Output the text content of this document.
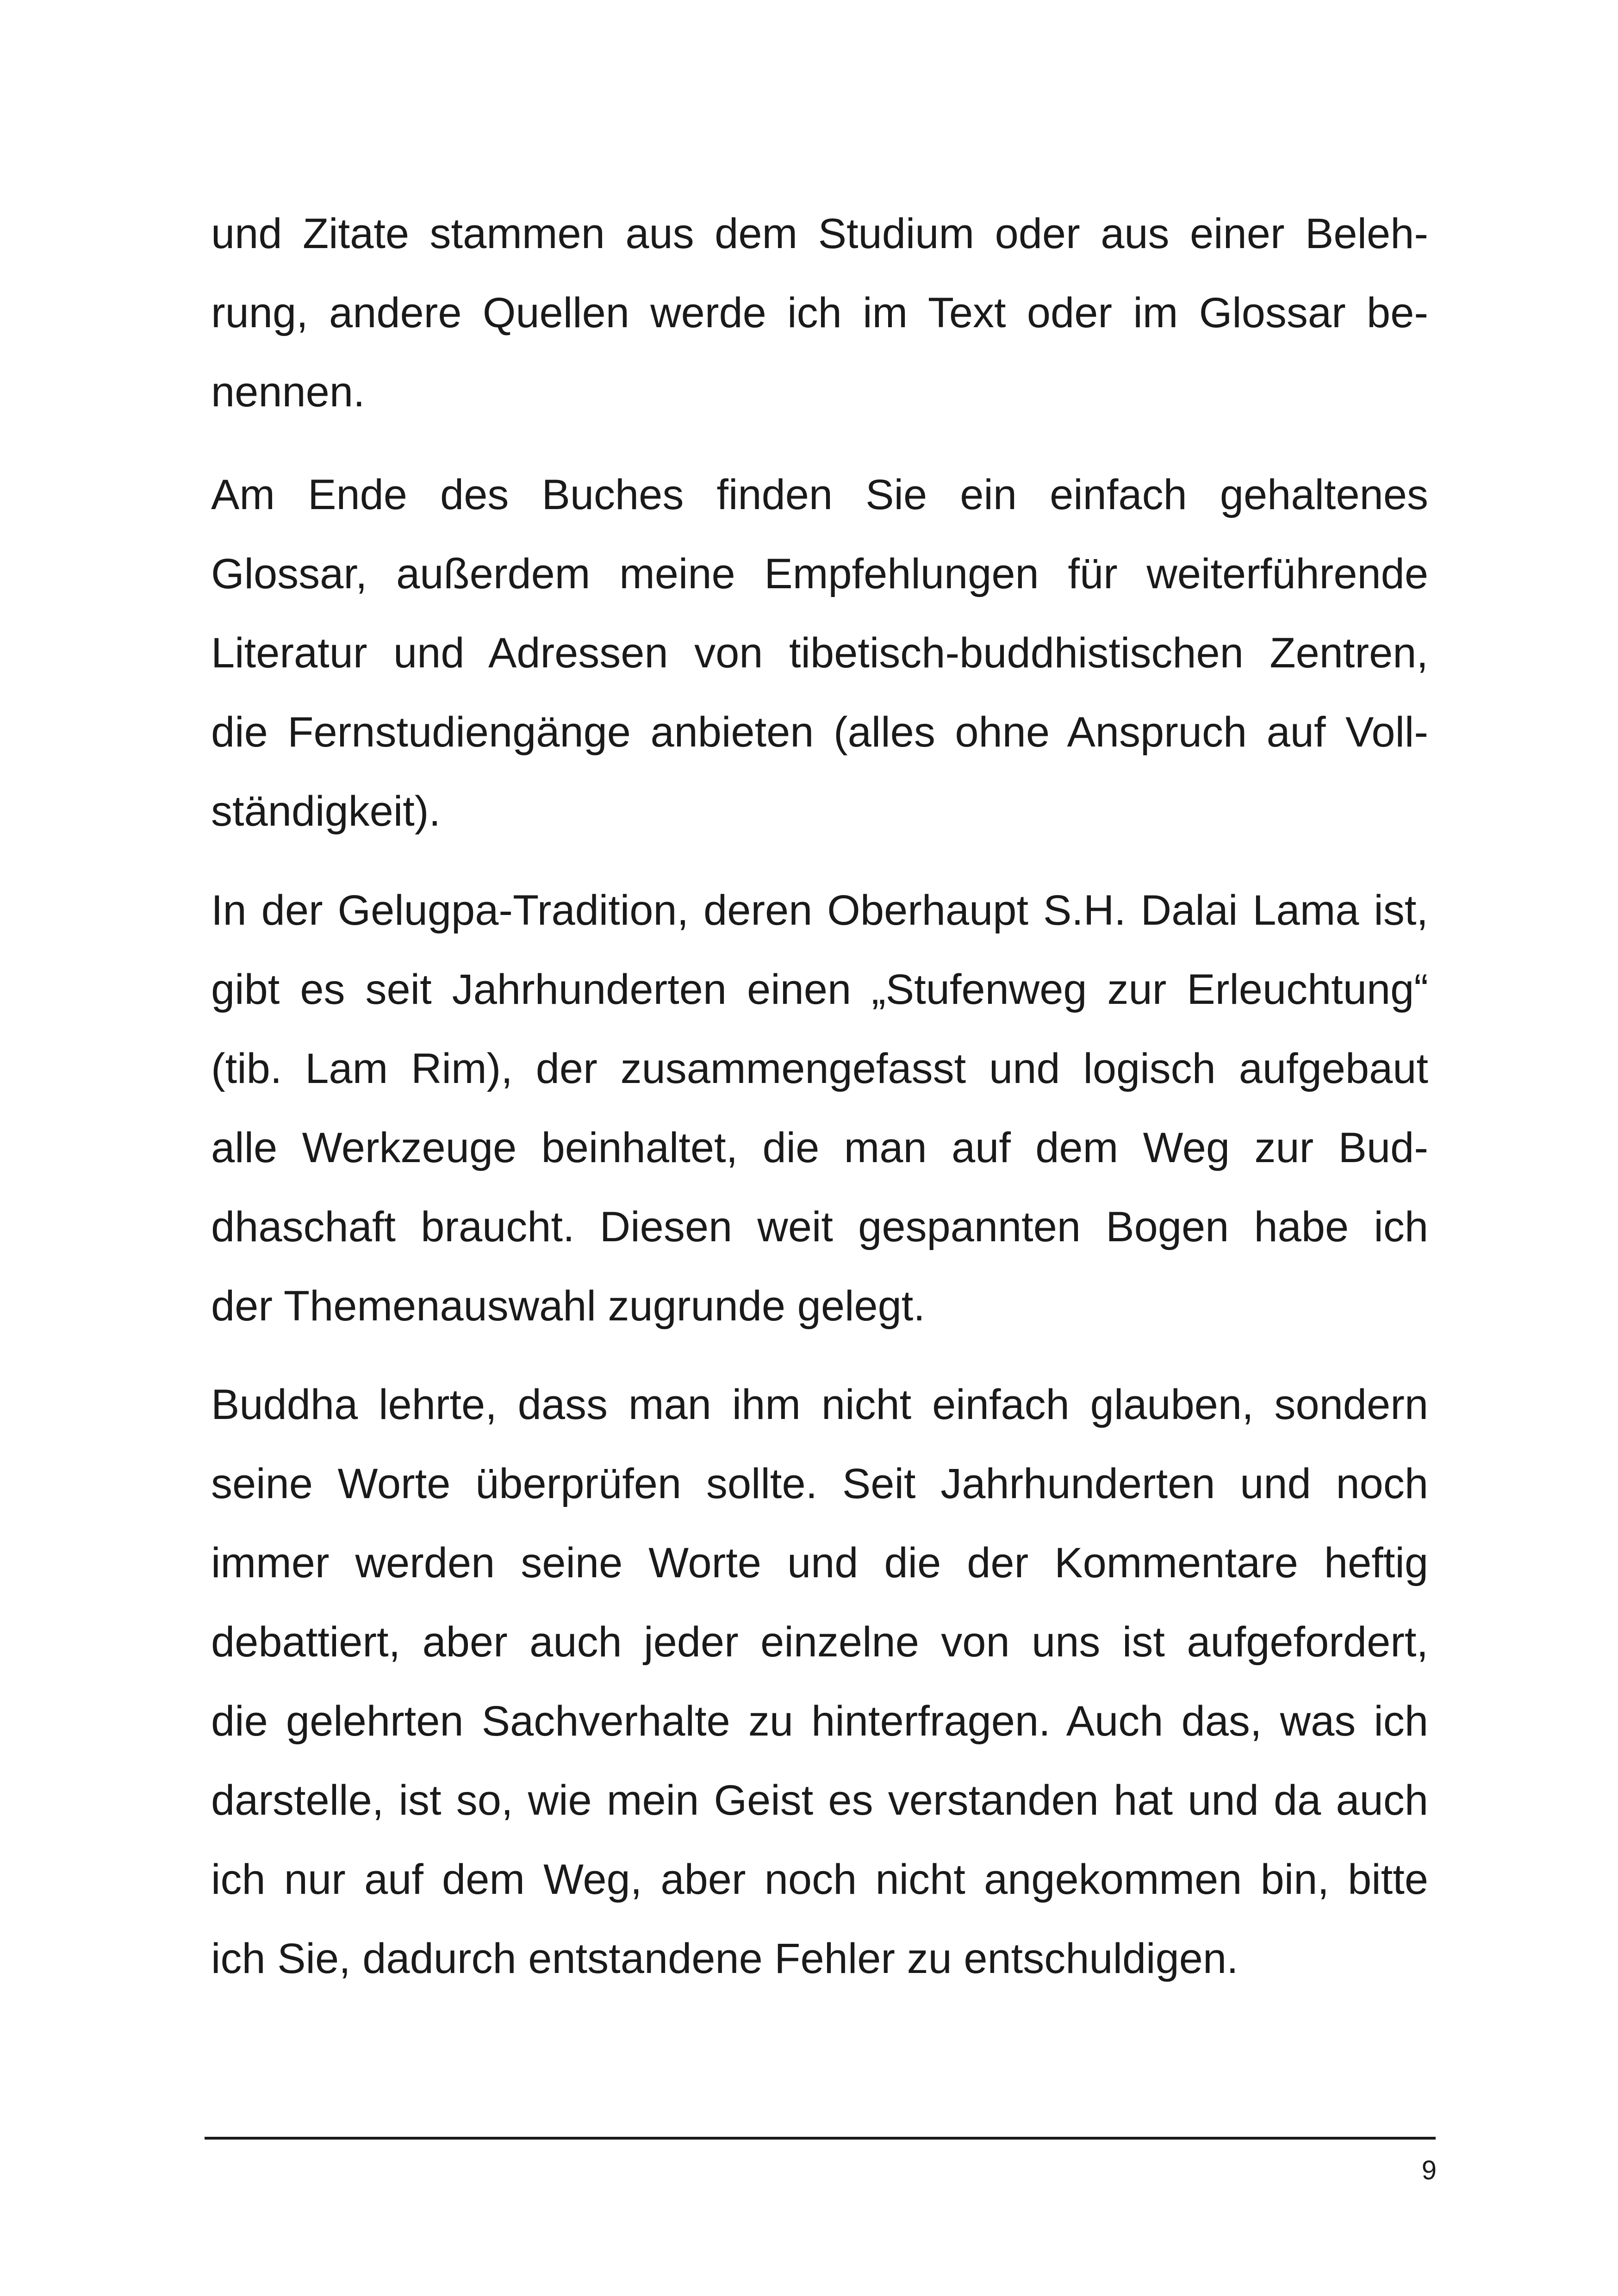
und Zitate stammen aus dem Studium oder aus einer Beleh-
rung, andere Quellen werde ich im Text oder im Glossar be-
nennen.
Am Ende des Buches finden Sie ein einfach gehaltenes
Glossar, außerdem meine Empfehlungen für weiterführende
Literatur und Adressen von tibetisch-buddhistischen Zentren,
die Fernstudiengänge anbieten (alles ohne Anspruch auf Voll-
ständigkeit).
In der Gelugpa-Tradition, deren Oberhaupt S.H. Dalai Lama ist,
gibt es seit Jahrhunderten einen „Stufenweg zur Erleuchtung“
(tib. Lam Rim), der zusammengefasst und logisch aufgebaut
alle Werkzeuge beinhaltet, die man auf dem Weg zur Bud-
dhaschaft braucht. Diesen weit gespannten Bogen habe ich
der Themenauswahl zugrunde gelegt.
Buddha lehrte, dass man ihm nicht einfach glauben, sondern
seine Worte überprüfen sollte. Seit Jahrhunderten und noch
immer werden seine Worte und die der Kommentare heftig
debattiert, aber auch jeder einzelne von uns ist aufgefordert,
die gelehrten Sachverhalte zu hinterfragen. Auch das, was ich
darstelle, ist so, wie mein Geist es verstanden hat und da auch
ich nur auf dem Weg, aber noch nicht angekommen bin, bitte
ich Sie, dadurch entstandene Fehler zu entschuldigen.
9
